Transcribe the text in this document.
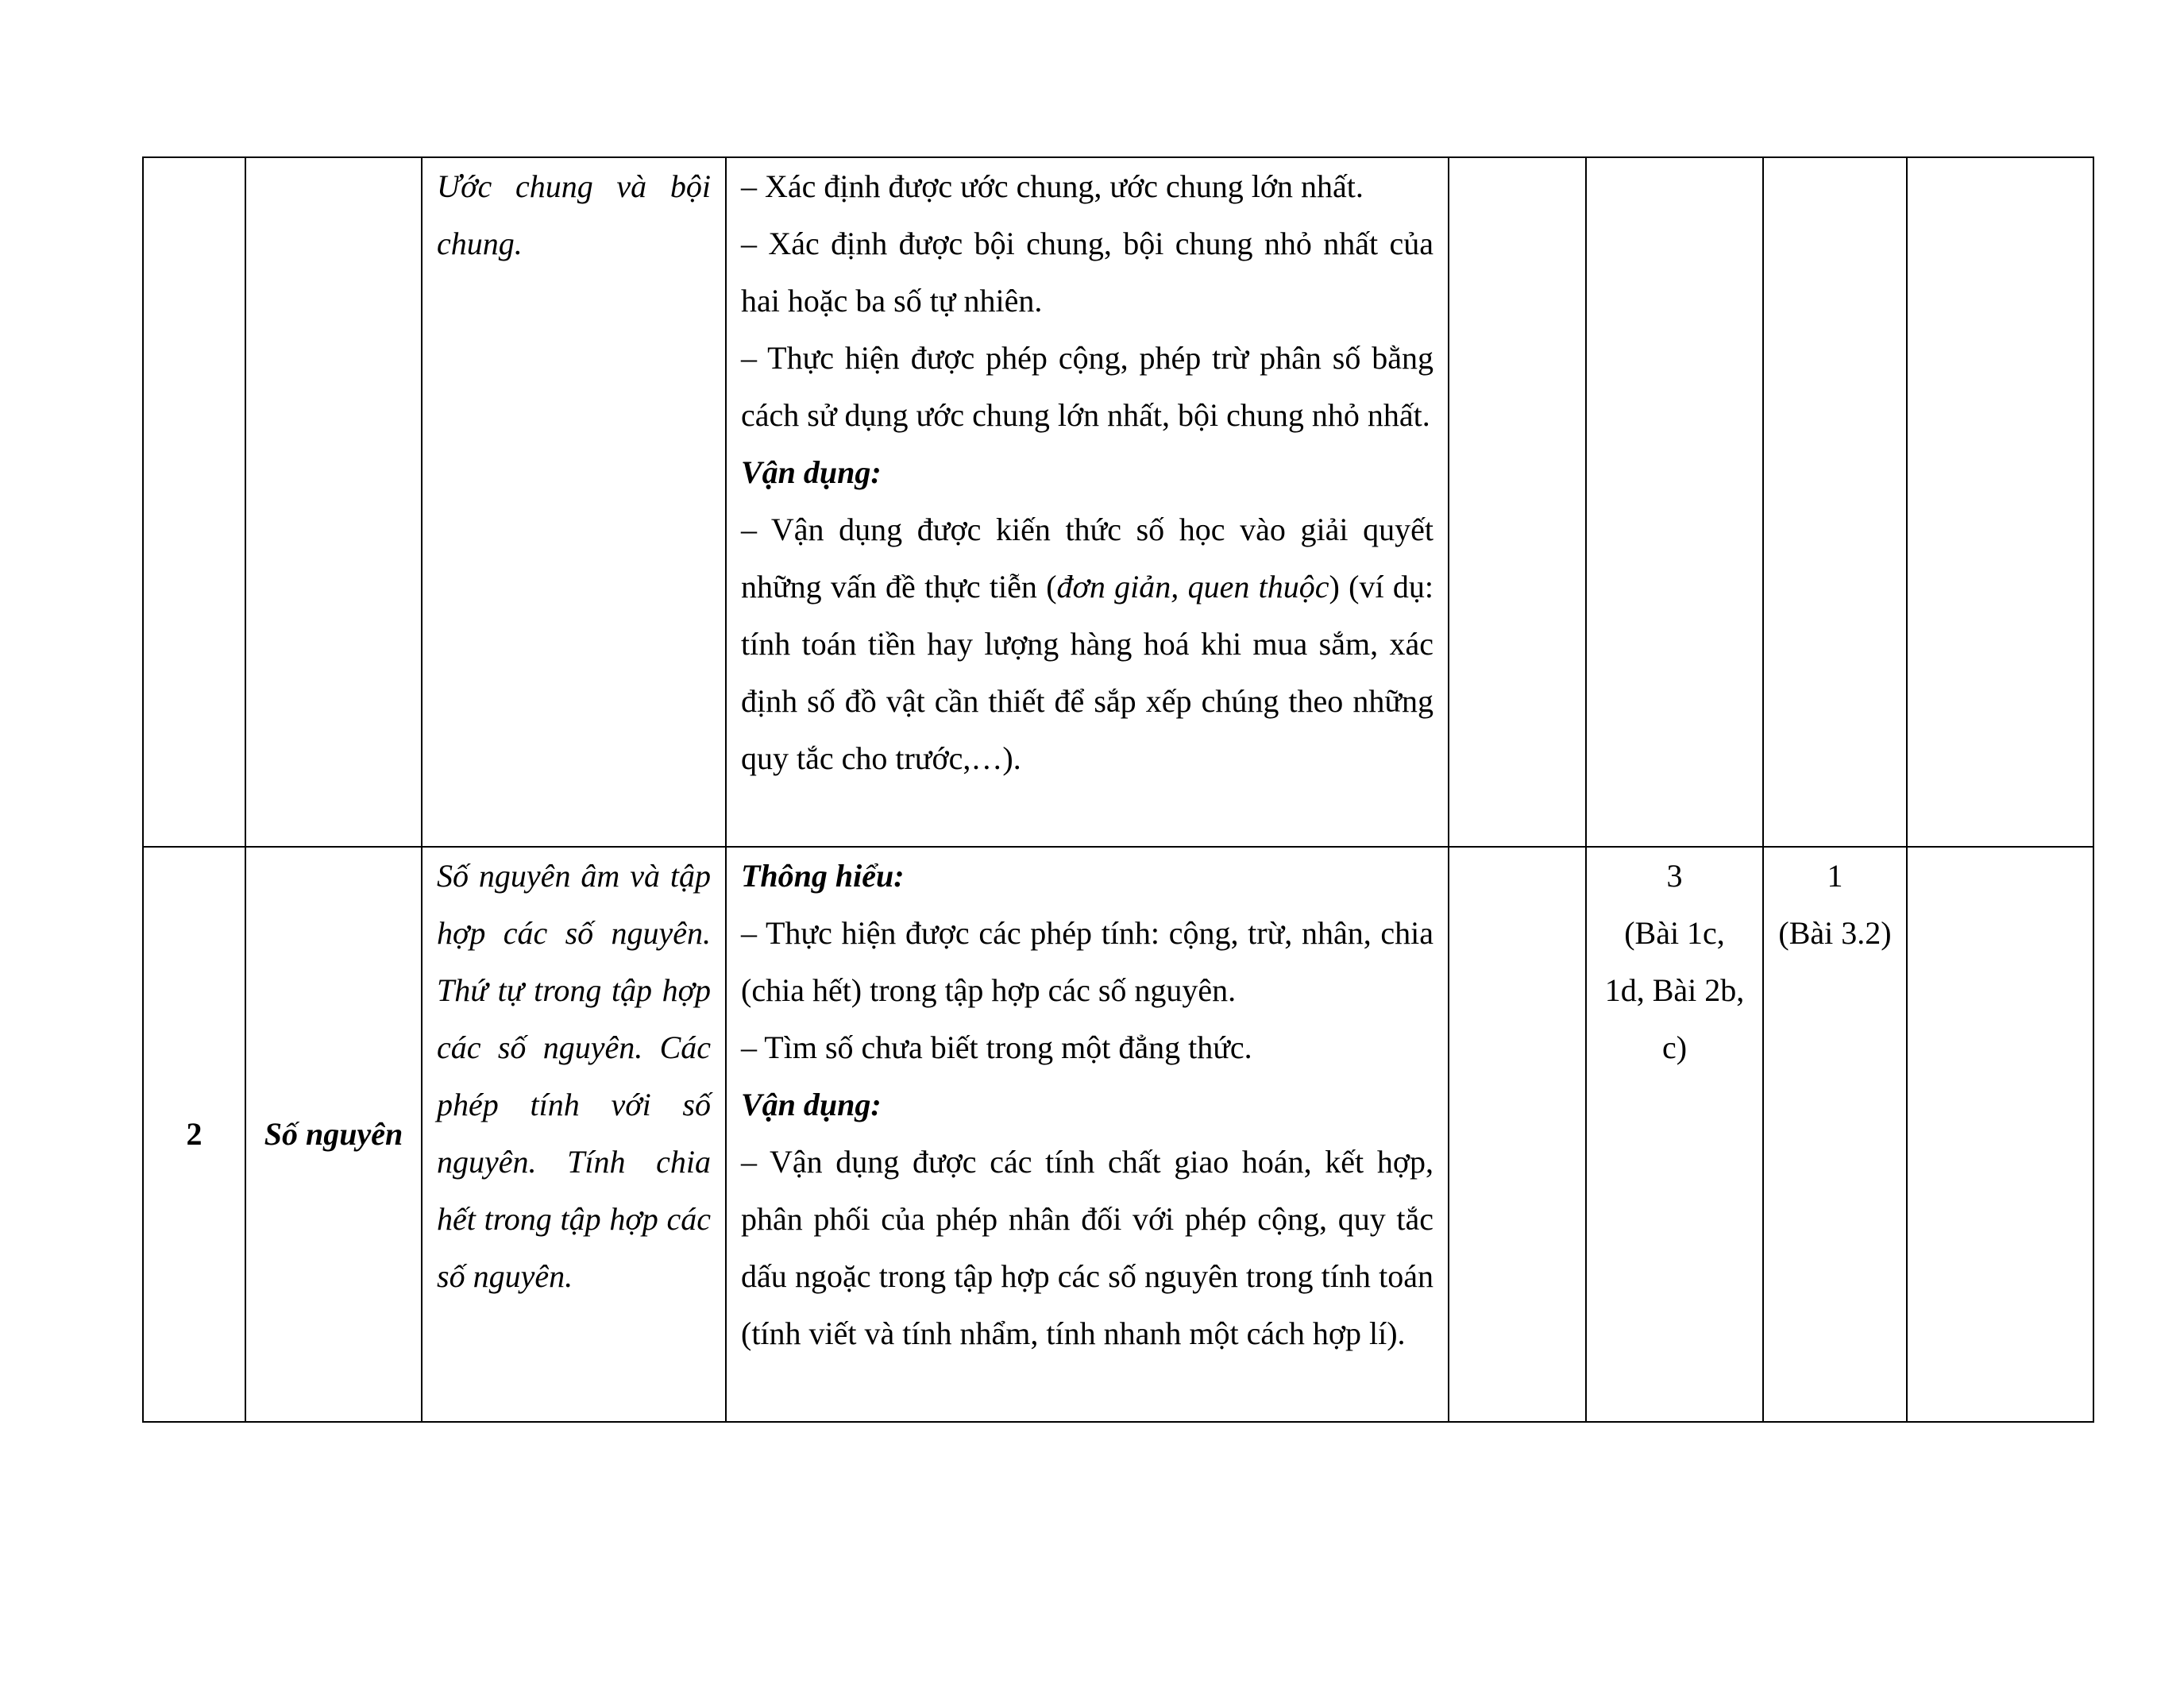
		Ước chung và bội chung.	– Xác định được ước chung, ước chung lớn nhất.
– Xác định được bội chung, bội chung nhỏ nhất của hai hoặc ba số tự nhiên.
– Thực hiện được phép cộng, phép trừ phân số bằng cách sử dụng ước chung lớn nhất, bội chung nhỏ nhất.
Vận dụng:
– Vận dụng được kiến thức số học vào giải quyết những vấn đề thực tiễn (đơn giản, quen thuộc) (ví dụ: tính toán tiền hay lượng hàng hoá khi mua sắm, xác định số đồ vật cần thiết để sắp xếp chúng theo những quy tắc cho trước,…).				

2	Số nguyên	Số nguyên âm và tập hợp các số nguyên. Thứ tự trong tập hợp các số nguyên. Các phép tính với số nguyên. Tính chia hết trong tập hợp các số nguyên.	Thông hiểu:
– Thực hiện được các phép tính: cộng, trừ, nhân, chia (chia hết) trong tập hợp các số nguyên.
– Tìm số chưa biết trong một đẳng thức.
Vận dụng:
– Vận dụng được các tính chất giao hoán, kết hợp, phân phối của phép nhân đối với phép cộng, quy tắc dấu ngoặc trong tập hợp các số nguyên trong tính toán (tính viết và tính nhẩm, tính nhanh một cách hợp lí).		3
(Bài 1c, 1d, Bài 2b, c)	1
(Bài 3.2)	
